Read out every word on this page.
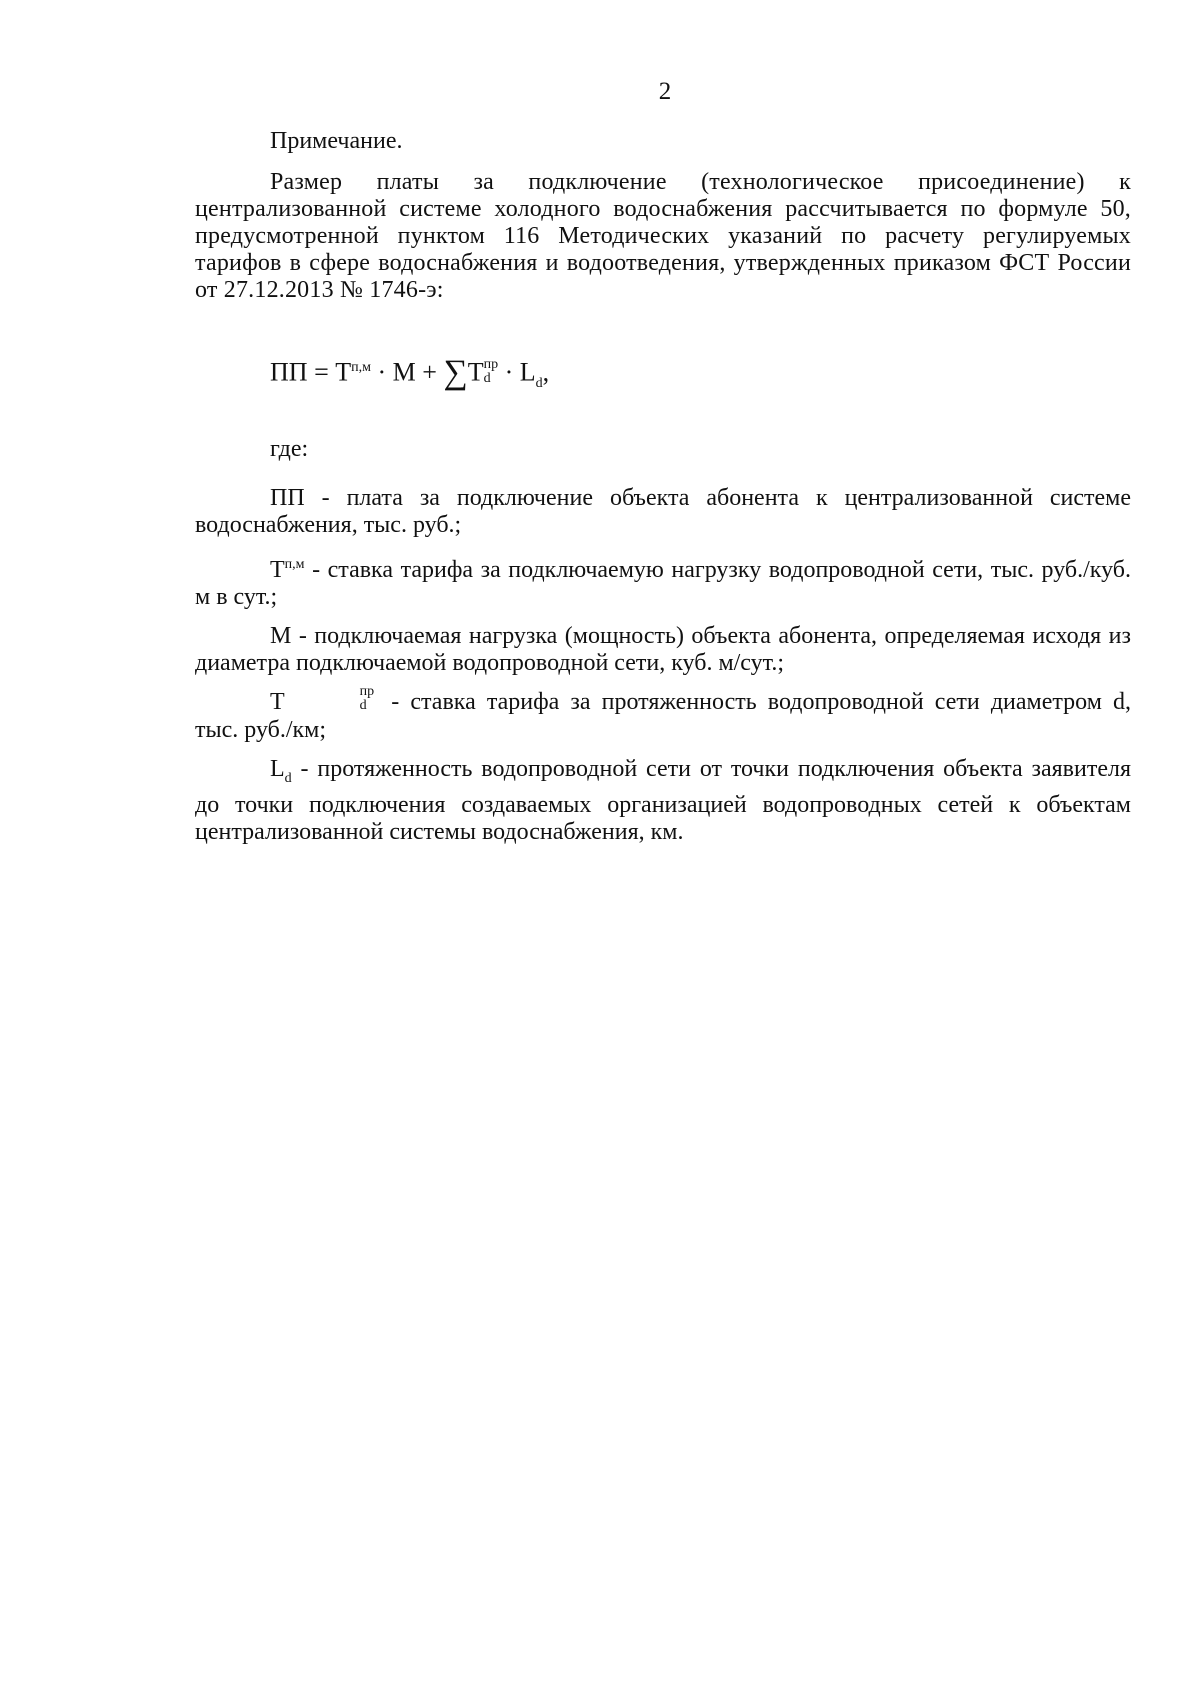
2

Примечание.

Размер платы за подключение (технологическое присоединение) к централизованной системе холодного водоснабжения рассчитывается по формуле 50, предусмотренной пунктом 116 Методических указаний по расчету регулируемых тарифов в сфере водоснабжения и водоотведения, утвержденных приказом ФСТ России от 27.12.2013 № 1746-э:

ПП = $T^{п,м} \cdot M + \sum T$ пр
$d \cdot L_d$,

где:

ПП - плата за подключение объекта абонента к централизованной системе водоснабжения, тыс. руб.;

$T^{п,м}$ - ставка тарифа за подключаемую нагрузку водопроводной сети, тыс. руб./куб. м в сут.;

М - подключаемая нагрузка (мощность) объекта абонента, определяемая исходя из диаметра подключаемой водопроводной сети, куб. м/сут.;

T	пр
d - ставка тарифа за протяженность водопроводной сети диаметром d, тыс. руб./км;

$L_d$ - протяженность водопроводной сети от точки подключения объекта заявителя до точки подключения создаваемых организацией водопроводных сетей к объектам централизованной системы водоснабжения, км.
